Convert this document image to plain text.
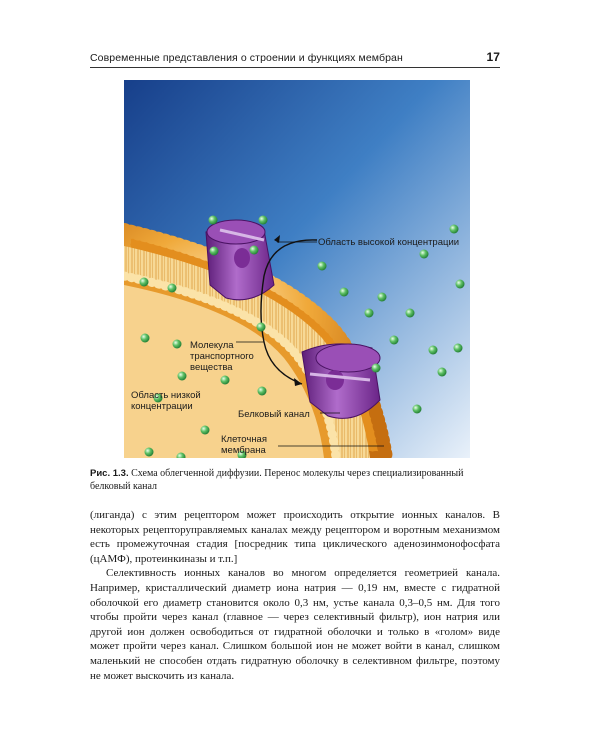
Современные представления о строении и функциях мембран	17
Область высокой концентрации
Молекула транспортного вещества
Область низкой концентрации
Белковый канал
Клеточная мембрана
Рис. 1.3. Схема облегченной диффузии. Перенос молекулы через специализированный белковый канал

(лиганда) с этим рецептором может происходить открытие ионных каналов. В некоторых рецепторуправляемых каналах между рецептором и воротным механизмом есть промежуточная стадия [посредник типа циклического аденозинмонофосфата (цАМФ), протеинкиназы и т.п.]

Селективность ионных каналов во многом определяется геометрией канала. Например, кристаллический диаметр иона натрия — 0,19 нм, вместе с гидратной оболочкой его диаметр становится около 0,3 нм, устье канала 0,3–0,5 нм. Для того чтобы пройти через канал (главное — через селективный фильтр), ион натрия или другой ион должен освободиться от гидратной оболочки и только в «голом» виде может пройти через канал. Слишком большой ион не может войти в канал, слишком маленький не способен отдать гидратную оболочку в селективном фильтре, поэтому не может выскочить из канала.
